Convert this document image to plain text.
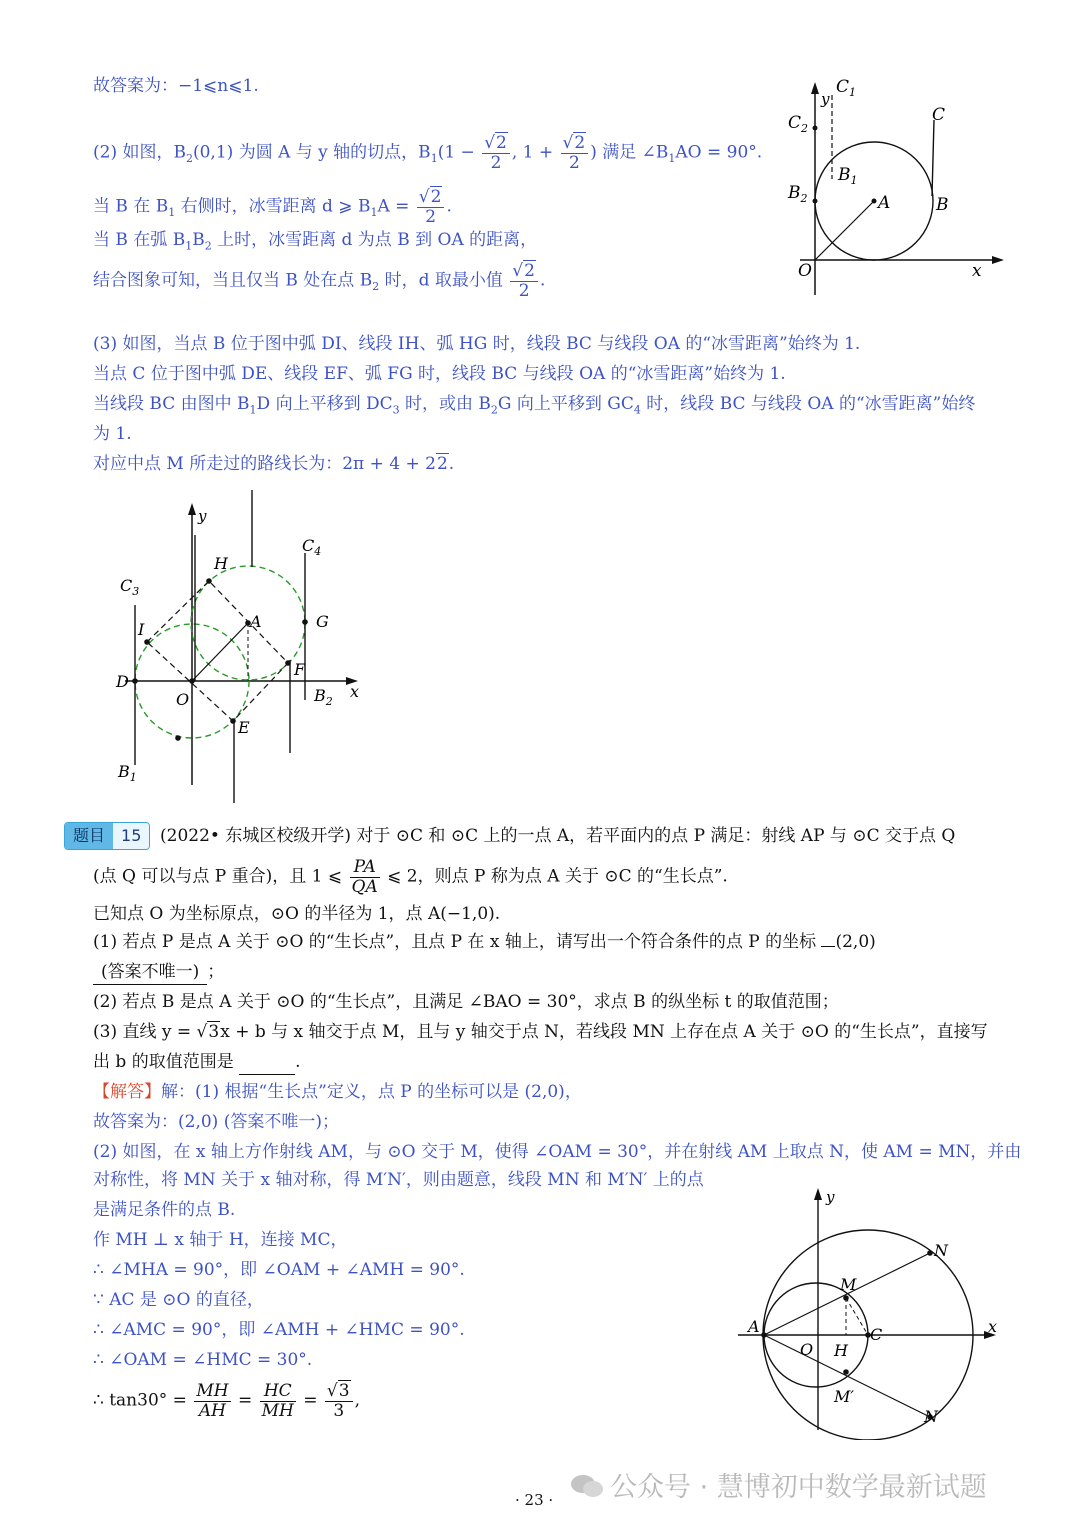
故答案为：−1⩽n⩽1.
(2) 如图，$B_2(0,1)$ 为圆 A 与 y 轴的切点，$B_1(1 - \frac{√2}{2}$ , $1 + \frac{√2}{2}$ ) 满足 $\angle B_1AO = 90^\circ$.
当 B 在 $B_1$ 右侧时，冰雪距离 d ⩾ $B_1A = \frac{√2}{2}$ .
当 B 在弧 $B_1B_2$ 上时，冰雪距离 d 为点 B 到 OA 的距离，
结合图象可知，当且仅当 B 处在点 $B_2$ 时，d 取最小值 $\frac{√2}{2}$ .
(3) 如图，当点 B 位于图中弧 DI、线段 IH、弧 HG 时，线段 BC 与线段 OA 的“冰雪距离”始终为 1.
当点 C 位于图中弧 DE、线段 EF、弧 FG 时，线段 BC 与线段 OA 的“冰雪距离”始终为 1.
当线段 BC 由图中 $B_1D$ 向上平移到 $DC_3$ 时，或由 $B_2G$ 向上平移到 $GC_4$ 时，线段 BC 与线段 OA 的“冰雪距离”始终
为 1.
对应中点 M 所走过的路线长为：2π + 4 + 22.
$C_1$
y
$C_2$
C
$B_1$
$B_2$	A	B
O	x
y
H
$C_4$
$C_3$
I	A	G
D
O
F
x
$B_2$
E
$B_1$
题目	15	(2022• 东城区校级开学) 对于 ⊙C 和 ⊙C 上的一点 A，若平面内的点 P 满足：射线 AP 与 ⊙C 交于点 Q
(点 Q 可以与点 P 重合)，且 1 ⩽ $\frac{PA}{QA}$ ⩽ 2，则点 P 称为点 A 关于 ⊙C 的“生长点”.
已知点 O 为坐标原点，⊙O 的半径为 1，点 A(−1,0).
(1) 若点 P 是点 A 关于 ⊙O 的“生长点”，且点 P 在 x 轴上，请写出一个符合条件的点 P 的坐标 (2,0)
(答案不唯一) ；
(2) 若点 B 是点 A 关于 ⊙O 的“生长点”，且满足 ∠BAO = 30°，求点 B 的纵坐标 t 的取值范围；
(3) 直线 y = √3x + b 与 x 轴交于点 M，且与 y 轴交于点 N，若线段 MN 上存在点 A 关于 ⊙O 的“生长点”，直接写
出 b 的取值范围是	.
【解答】解：(1) 根据“生长点”定义，点 P 的坐标可以是 (2,0)，
故答案为：(2,0) (答案不唯一)；
(2) 如图，在 x 轴上方作射线 AM，与 ⊙O 交于 M，使得 ∠OAM = 30°，并在射线 AM 上取点 N，使 AM = MN，并由
对称性，将 MN 关于 x 轴对称，得 M′N′，则由题意，线段 MN 和 M′N′ 上的点
是满足条件的点 B.
作 MH ⊥ x 轴于 H，连接 MC，
∴ ∠MHA = 90°，即 ∠OAM + ∠AMH = 90°.
∵ AC 是 ⊙O 的直径，
∴ ∠AMC = 90°，即 ∠AMH + ∠HMC = 90°.
∴ ∠OAM = ∠HMC = 30°.
∴ $\tan 30^\circ = \frac{MH}{AH} = \frac{HC}{MH} = \frac{√3}{3}$ ,
y
N
M
A	C	x
O H
M′
N′
· 23 ·	公众号 · 慧博初中数学最新试题
